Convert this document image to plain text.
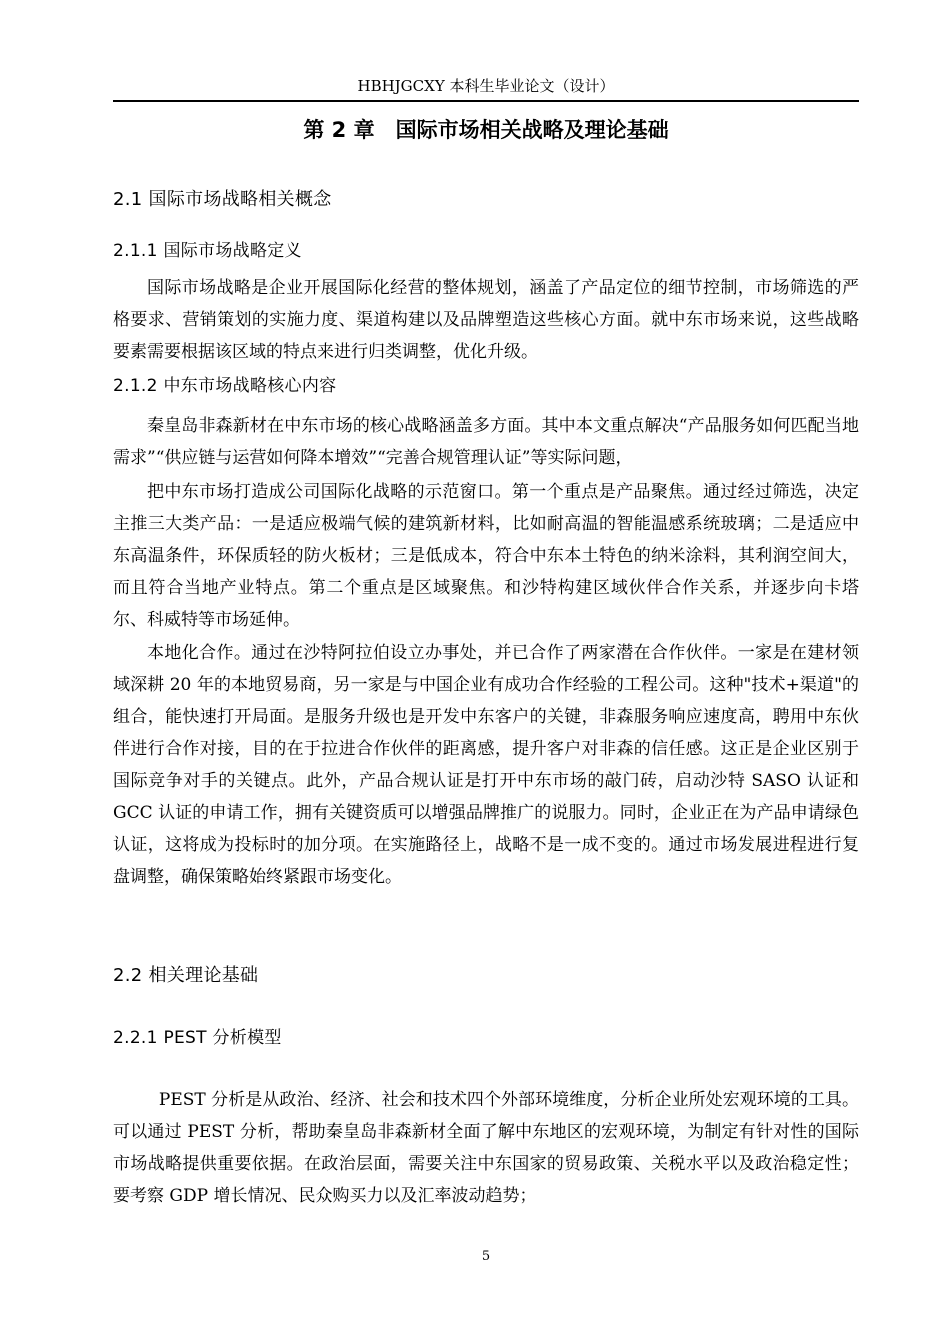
HBHJGCXY 本科生毕业论文（设计）
第 2 章　国际市场相关战略及理论基础
2.1 国际市场战略相关概念
2.1.1 国际市场战略定义

国际市场战略是企业开展国际化经营的整体规划，涵盖了产品定位的细节控制，市场筛选的严格要求、营销策划的实施力度、渠道构建以及品牌塑造这些核心方面。就中东市场来说，这些战略要素需要根据该区域的特点来进行归类调整，优化升级。

2.1.2 中东市场战略核心内容

秦皇岛非森新材在中东市场的核心战略涵盖多方面。其中本文重点解决“产品服务如何匹配当地需求”“供应链与运营如何降本增效”“完善合规管理认证”等实际问题，

把中东市场打造成公司国际化战略的示范窗口。第一个重点是产品聚焦。通过经过筛选，决定主推三大类产品：一是适应极端气候的建筑新材料，比如耐高温的智能温感系统玻璃；二是适应中东高温条件，环保质轻的防火板材；三是低成本，符合中东本土特色的纳米涂料，其利润空间大，而且符合当地产业特点。第二个重点是区域聚焦。和沙特构建区域伙伴合作关系，并逐步向卡塔尔、科威特等市场延伸。

本地化合作。通过在沙特阿拉伯设立办事处，并已合作了两家潜在合作伙伴。一家是在建材领域深耕 20 年的本地贸易商，另一家是与中国企业有成功合作经验的工程公司。这种"技术+渠道"的组合，能快速打开局面。是服务升级也是开发中东客户的关键，非森服务响应速度高，聘用中东伙伴进行合作对接，目的在于拉进合作伙伴的距离感，提升客户对非森的信任感。这正是企业区别于国际竞争对手的关键点。此外，产品合规认证是打开中东市场的敲门砖，启动沙特 SASO 认证和 GCC 认证的申请工作，拥有关键资质可以增强品牌推广的说服力。同时，企业正在为产品申请绿色认证，这将成为投标时的加分项。在实施路径上，战略不是一成不变的。通过市场发展进程进行复盘调整，确保策略始终紧跟市场变化。

2.2 相关理论基础
2.2.1 PEST 分析模型

PEST 分析是从政治、经济、社会和技术四个外部环境维度，分析企业所处宏观环境的工具。可以通过 PEST 分析，帮助秦皇岛非森新材全面了解中东地区的宏观环境，为制定有针对性的国际市场战略提供重要依据。在政治层面，需要关注中东国家的贸易政策、关税水平以及政治稳定性；要考察 GDP 增长情况、民众购买力以及汇率波动趋势；

5
